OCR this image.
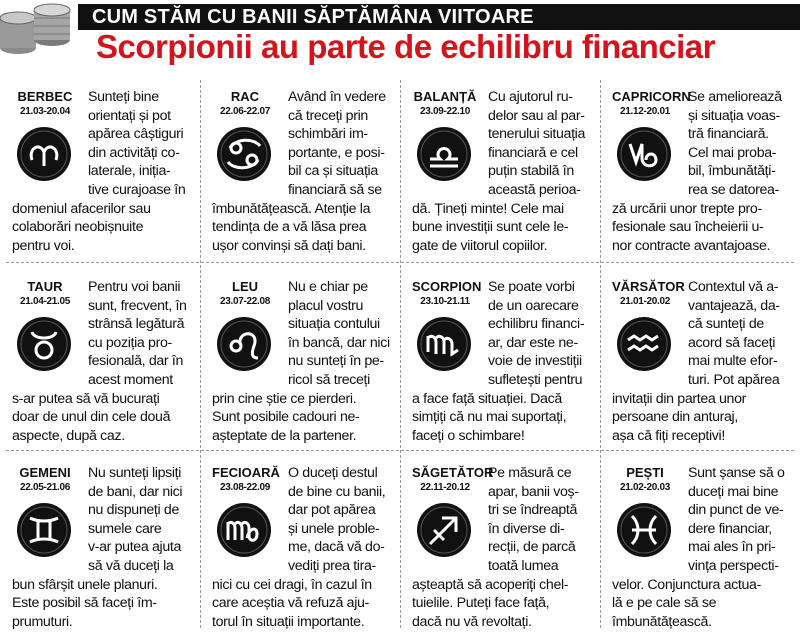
CUM STĂM CU BANII SĂPTĂMÂNA VIITOARE
Scorpionii au parte de echilibru financiar
Sunteți bine
orientați și pot
apărea câștiguri
din activități co-
laterale, iniția-
tive curajoase în
domeniul afacerilor sau
colaborări neobișnuite
pentru voi.
BERBEC
21.03-20.04
Având în vedere
că treceți prin
schimbări im-
portante, e posi-
bil ca și situația
financiară să se
îmbunătățească. Atenție la
tendința de a vă lăsa prea
ușor convinși să dați bani.
RAC
22.06-22.07
Cu ajutorul ru-
delor sau al par-
tenerului situația
financiară e cel
puțin stabilă în
această perioa-
dă. Țineți minte! Cele mai
bune investiții sunt cele le-
gate de viitorul copiilor.
BALANȚĂ
23.09-22.10
Se ameliorează
și situația voas-
tră financiară.
Cel mai proba-
bil, îmbunătăți-
rea se datorea-
ză urcării unor trepte pro-
fesionale sau încheierii u-
nor contracte avantajoase.
CAPRICORN
21.12-20.01
Pentru voi banii
sunt, frecvent, în
strânsă legătură
cu poziția pro-
fesională, dar în
acest moment
s-ar putea să vă bucurați
doar de unul din cele două
aspecte, după caz.
TAUR
21.04-21.05
Nu e chiar pe
placul vostru
situația contului
în bancă, dar nici
nu sunteți în pe-
ricol să treceți
prin cine știe ce pierderi.
Sunt posibile cadouri ne-
așteptate de la partener.
LEU
23.07-22.08
Se poate vorbi
de un oarecare
echilibru financi-
ar, dar este ne-
voie de investiții
sufletești pentru
a face față situației. Dacă
simțiți că nu mai suportați,
faceți o schimbare!
SCORPION
23.10-21.11
Contextul vă a-
vantajează, da-
că sunteți de
acord să faceți
mai multe efor-
turi. Pot apărea
invitații din partea unor
persoane din anturaj,
așa că fiți receptivi!
VĂRSĂTOR
21.01-20.02
Nu sunteți lipsiți
de bani, dar nici
nu dispuneți de
sumele care
v-ar putea ajuta
să vă duceți la
bun sfârșit unele planuri.
Este posibil să faceți îm-
prumuturi.
GEMENI
22.05-21.06
O duceți destul
de bine cu banii,
dar pot apărea
și unele proble-
me, dacă vă do-
vediți prea tira-
nici cu cei dragi, în cazul în
care aceștia vă refuză aju-
torul în situații importante.
FECIOARĂ
23.08-22.09
Pe măsură ce
apar, banii voș-
tri se îndreaptă
în diverse di-
recții, de parcă
toată lumea
așteaptă să acoperiți chel-
tuielile. Puteți face față,
dacă nu vă revoltați.
SĂGETĂTOR
22.11-20.12
Sunt șanse să o
duceți mai bine
din punct de ve-
dere financiar,
mai ales în pri-
vința perspecti-
velor. Conjunctura actua-
lă e pe cale să se
îmbunătățească.
PEȘTI
21.02-20.03
